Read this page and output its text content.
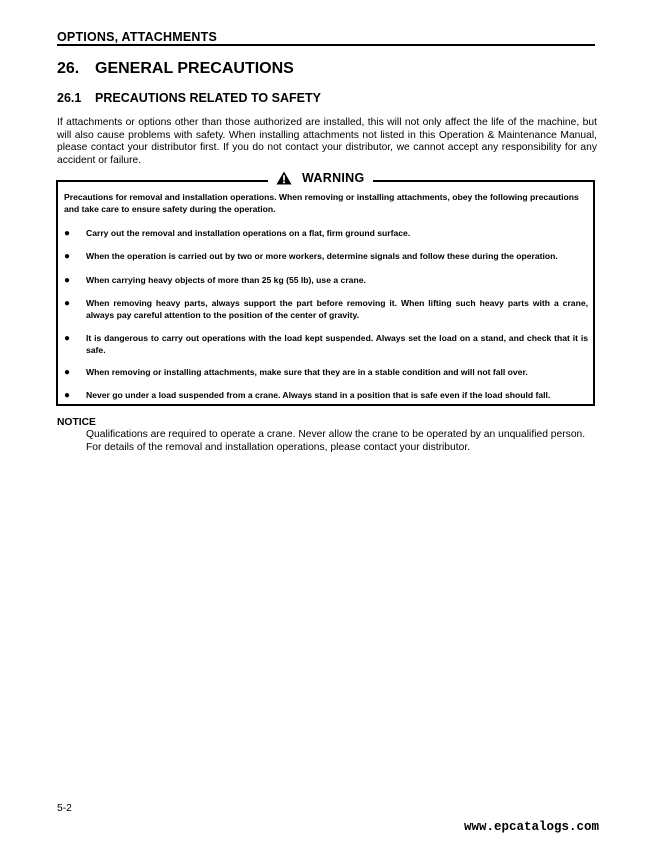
OPTIONS, ATTACHMENTS
26. GENERAL PRECAUTIONS
26.1 PRECAUTIONS RELATED TO SAFETY
If attachments or options other than those authorized are installed, this will not only affect the life of the machine, but will also cause problems with safety. When installing attachments not listed in this Operation & Maintenance Manual, please contact your distributor first. If you do not contact your distributor, we cannot accept any responsibility for any accident or failure.
WARNING
Precautions for removal and installation operations. When removing or installing attachments, obey the following precautions and take care to ensure safety during the operation.
● Carry out the removal and installation operations on a flat, firm ground surface.
● When the operation is carried out by two or more workers, determine signals and follow these during the operation.
● When carrying heavy objects of more than 25 kg (55 lb), use a crane.
● When removing heavy parts, always support the part before removing it. When lifting such heavy parts with a crane, always pay careful attention to the position of the center of gravity.
● It is dangerous to carry out operations with the load kept suspended. Always set the load on a stand, and check that it is safe.
● When removing or installing attachments, make sure that they are in a stable condition and will not fall over.
● Never go under a load suspended from a crane. Always stand in a position that is safe even if the load should fall.
NOTICE
Qualifications are required to operate a crane. Never allow the crane to be operated by an unqualified person.
For details of the removal and installation operations, please contact your distributor.
5-2
www.epcatalogs.com
